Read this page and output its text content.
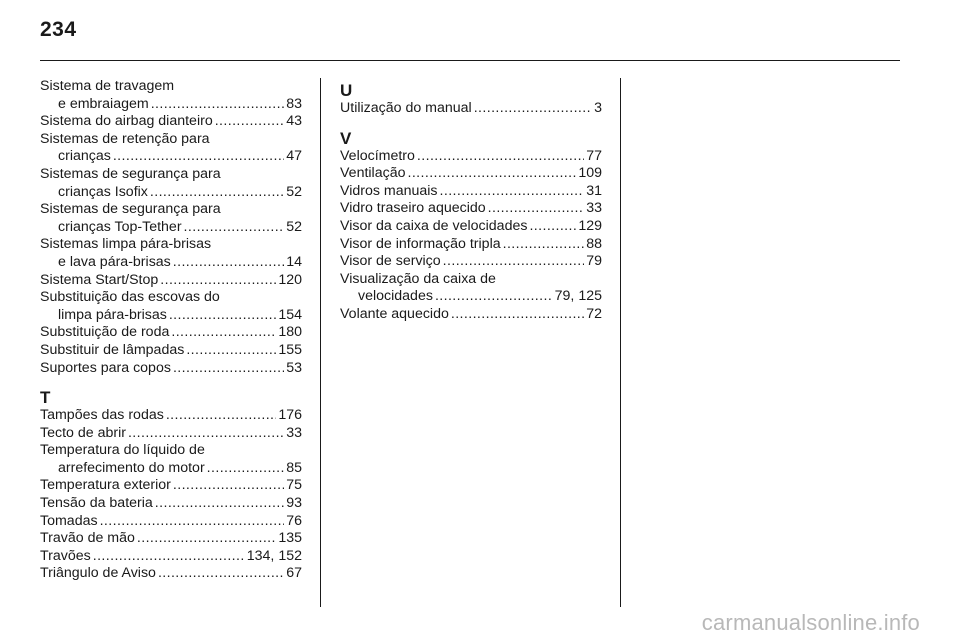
234
Sistema de travagem
e embraiagem .....	83
Sistema do airbag dianteiro .....	43
Sistemas de retenção para
crianças .....	47
Sistemas de segurança para
crianças Isofix .....	52
Sistemas de segurança para
crianças Top-Tether .....	52
Sistemas limpa pára-brisas
e lava pára-brisas .....	14
Sistema Start/Stop .....	120
Substituição das escovas do
limpa pára-brisas .....	154
Substituição de roda .....	180
Substituir de lâmpadas .....	155
Suportes para copos .....	53
T
Tampões das rodas .....	176
Tecto de abrir .....	33
Temperatura do líquido de
arrefecimento do motor .....	85
Temperatura exterior .....	75
Tensão da bateria .....	93
Tomadas .....	76
Travão de mão .....	135
Travões .....	134, 152
Triângulo de Aviso .....	67
U
Utilização do manual .....	3
V
Velocímetro .....	77
Ventilação .....	109
Vidros manuais .....	31
Vidro traseiro aquecido .....	33
Visor da caixa de velocidades .....	129
Visor de informação tripla .....	88
Visor de serviço .....	79
Visualização da caixa de
velocidades .....	79, 125
Volante aquecido .....	72
carmanualsonline.info
